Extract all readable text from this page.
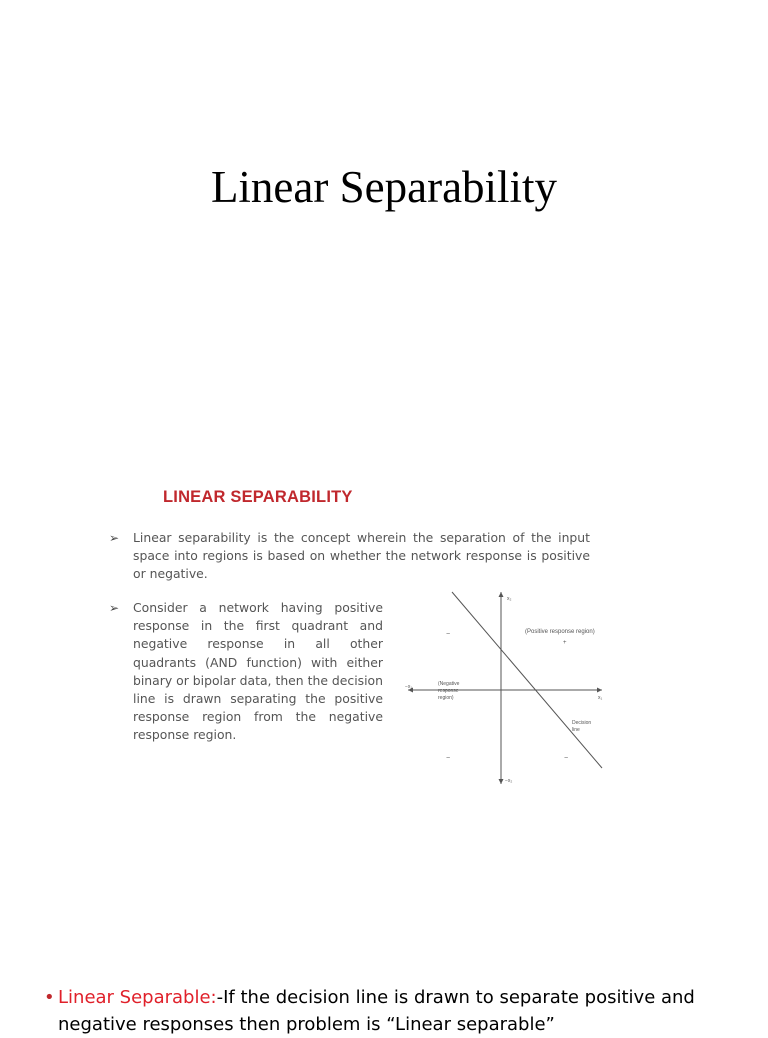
Linear Separability
LINEAR SEPARABILITY
➢ Linear separability is the concept wherein the separation of the input space into regions is based on whether the network response is positive or negative.
➢ Consider a network having positive response in the first quadrant and negative response in all other quadrants (AND function) with either binary or bipolar data, then the decision line is drawn separating the positive response region from the negative response region.
x₂
x₁
−x₁
−x₂
(Positive response region)
+
(Negative
response
region)
Decision
line
−
−	−
• Linear Separable:-If the decision line is drawn to separate positive and negative responses then problem is “Linear separable”
